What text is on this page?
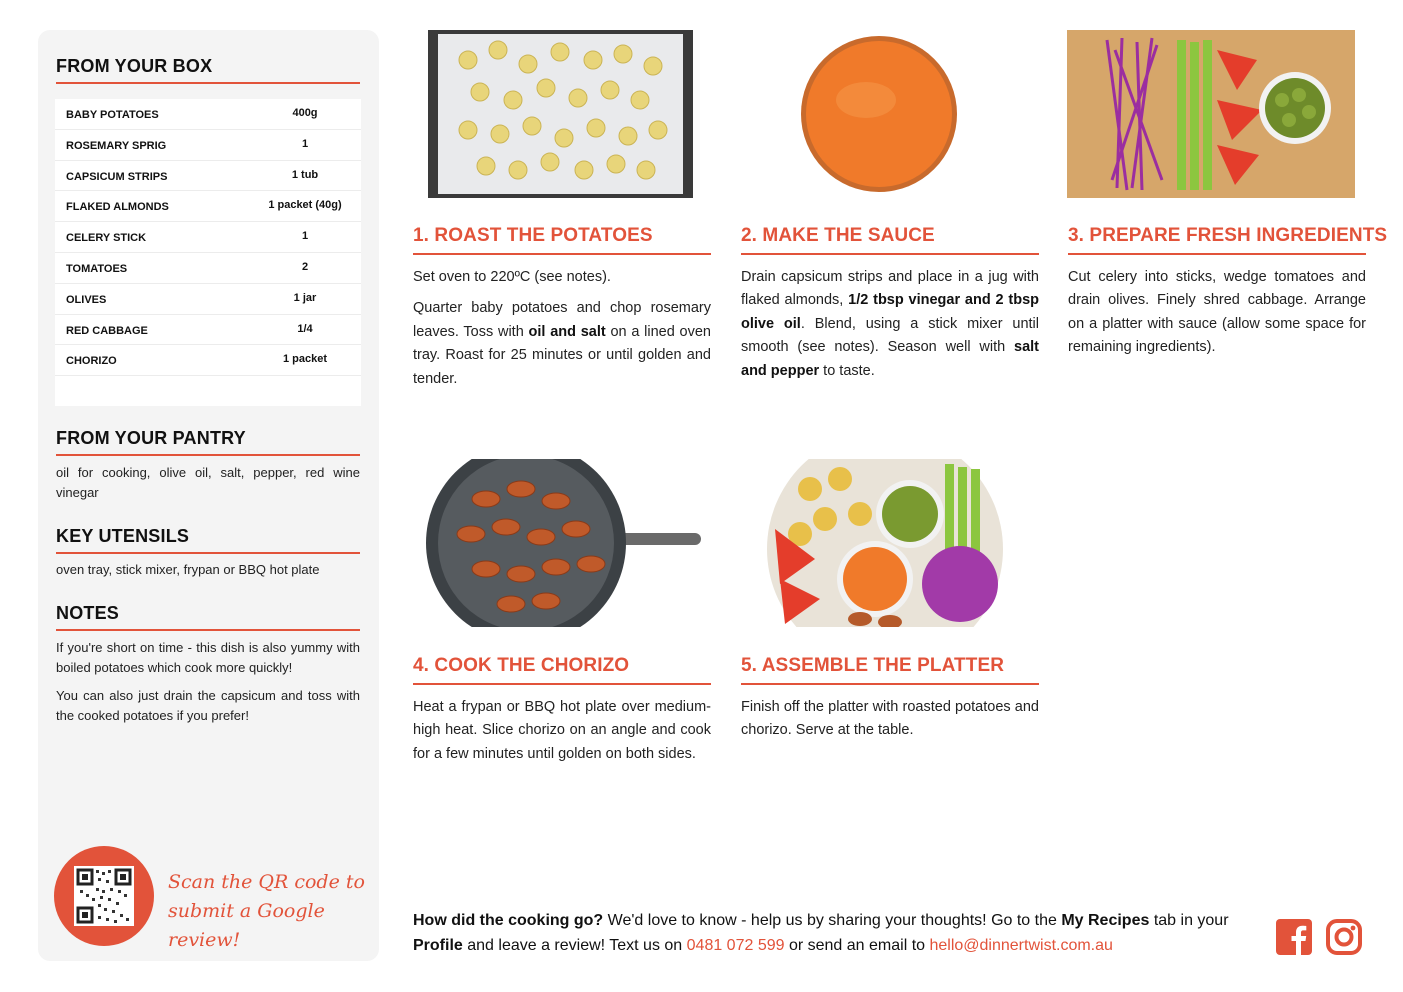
FROM YOUR BOX
BABY POTATOES	400g
ROSEMARY SPRIG	1
CAPSICUM STRIPS	1 tub
FLAKED ALMONDS	1 packet (40g)
CELERY STICK	1
TOMATOES	2
OLIVES	1 jar
RED CABBAGE	1/4
CHORIZO	1 packet
FROM YOUR PANTRY
oil for cooking, olive oil, salt, pepper, red wine vinegar
KEY UTENSILS
oven tray, stick mixer, frypan or BBQ hot plate
NOTES
If you're short on time - this dish is also yummy with boiled potatoes which cook more quickly!
You can also just drain the capsicum and toss with the cooked potatoes if you prefer!
Scan the QR code to
submit a Google review!
1. ROAST THE POTATOES

Set oven to 220ºC (see notes).

Quarter baby potatoes and chop rosemary leaves. Toss with oil and salt on a lined oven tray. Roast for 25 minutes or until golden and tender.

2. MAKE THE SAUCE

Drain capsicum strips and place in a jug with flaked almonds, 1/2 tbsp vinegar and 2 tbsp olive oil. Blend, using a stick mixer until smooth (see notes). Season well with salt and pepper to taste.

3. PREPARE FRESH INGREDIENTS
Cut celery into sticks, wedge tomatoes and drain olives. Finely shred cabbage. Arrange on a platter with sauce (allow some space for remaining ingredients).
4. COOK THE CHORIZO
Heat a frypan or BBQ hot plate over medium-high heat. Slice chorizo on an angle and cook for a few minutes until golden on both sides.
5. ASSEMBLE THE PLATTER
Finish off the platter with roasted potatoes and chorizo. Serve at the table.
How did the cooking go? We'd love to know - help us by sharing your thoughts! Go to the My Recipes tab in your Profile and leave a review! Text us on 0481 072 599 or send an email to hello@dinnertwist.com.au
